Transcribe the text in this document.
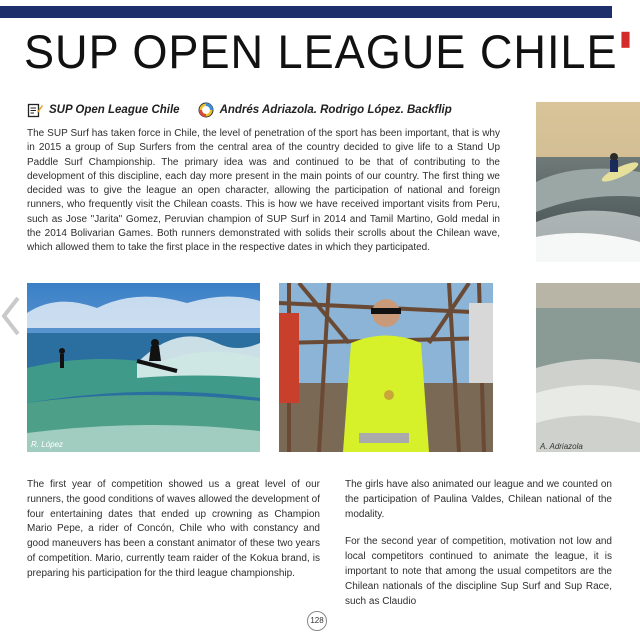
▮
SUP OPEN LEAGUE CHILE
SUP Open League Chile	Andrés Adriazola. Rodrigo López. Backflip

The SUP Surf has taken force in Chile, the level of penetration of the sport has been important, that is why in 2015 a group of Sup Surfers from the central area of the country decided to give life to a Stand Up Paddle Surf Championship. The primary idea was and continued to be that of contributing to the development of this discipline, each day more present in the main points of our country. The first thing we decided was to give the league an open character, allowing the participation of national and foreign runners, who frequently visit the Chilean coasts. This is how we have received important visits from Peru, such as Jose "Jarita" Gomez, Peruvian champion of SUP Surf in 2014 and Tamil Martino, Gold medal in the 2014 Bolivarian Games. Both runners demonstrated with solids their scrolls about the Chilean wave, which allowed them to take the first place in the respective dates in which they participated.

R. López	A. Adriazola

The first year of competition showed us a great level of our runners, the good conditions of waves allowed the development of four entertaining dates that ended up crowning as Champion Mario Pepe, a rider of Concón, Chile who with constancy and good maneuvers has been a constant animator of these two years of competition. Mario, currently team raider of the Kokua brand, is preparing his participation for the third league championship.

The girls have also animated our league and we counted on the participation of Paulina Valdes, Chilean national of the modality.

For the second year of competition, motivation not low and local competitors continued to animate the league, it is important to note that among the usual competitors are the Chilean nationals of the discipline Sup Surf and Sup Race, such as Claudio

128
